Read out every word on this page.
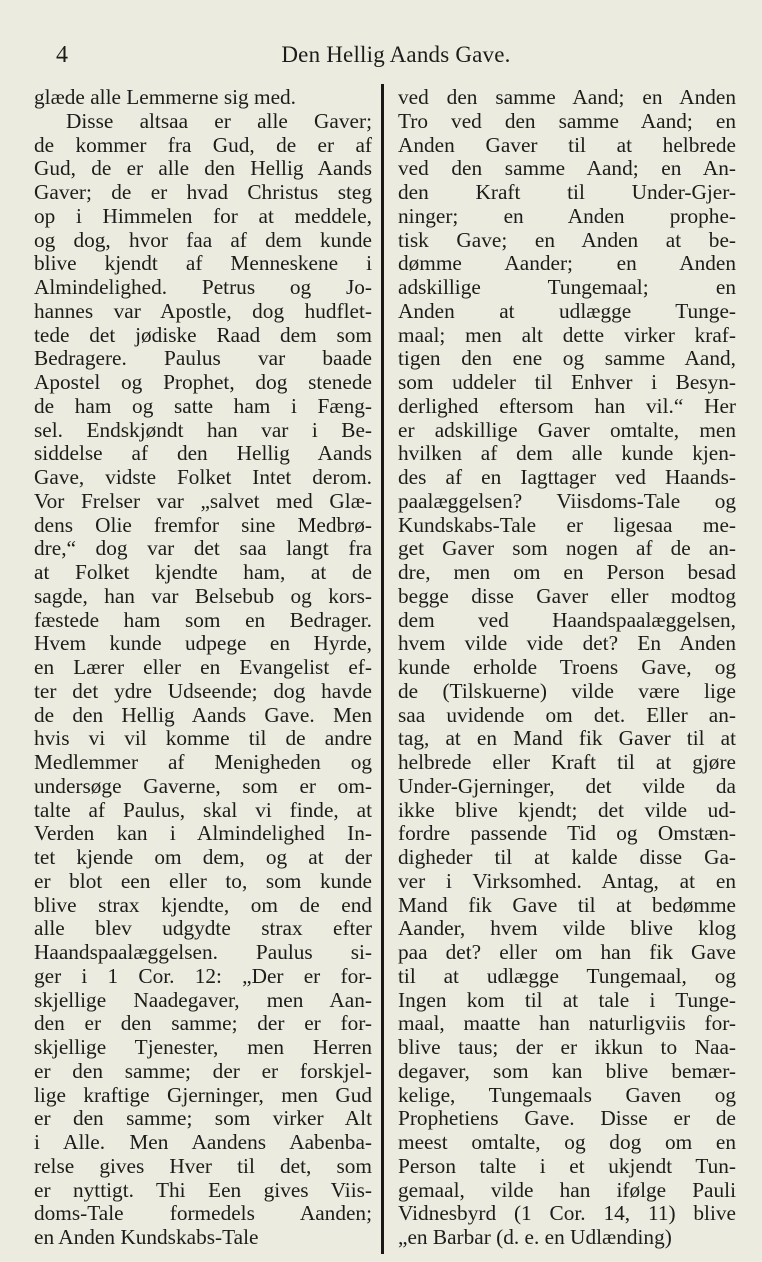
4	Den Hellig Aands Gave.
glæde alle Lemmerne sig med.
Disse altsaa er alle Gaver;
de kommer fra Gud, de er af
Gud, de er alle den Hellig Aands
Gaver; de er hvad Christus steg
op i Himmelen for at meddele,
og dog, hvor faa af dem kunde
blive kjendt af Menneskene i
Almindelighed. Petrus og Jo-
hannes var Apostle, dog hudflet-
tede det jødiske Raad dem som
Bedragere. Paulus var baade
Apostel og Prophet, dog stenede
de ham og satte ham i Fæng-
sel. Endskjøndt han var i Be-
siddelse af den Hellig Aands
Gave, vidste Folket Intet derom.
Vor Frelser var „salvet med Glæ-
dens Olie fremfor sine Medbrø-
dre,“ dog var det saa langt fra
at Folket kjendte ham, at de
sagde, han var Belsebub og kors-
fæstede ham som en Bedrager.
Hvem kunde udpege en Hyrde,
en Lærer eller en Evangelist ef-
ter det ydre Udseende; dog havde
de den Hellig Aands Gave. Men
hvis vi vil komme til de andre
Medlemmer af Menigheden og
undersøge Gaverne, som er om-
talte af Paulus, skal vi finde, at
Verden kan i Almindelighed In-
tet kjende om dem, og at der
er blot een eller to, som kunde
blive strax kjendte, om de end
alle blev udgydte strax efter
Haandspaalæggelsen. Paulus si-
ger i 1 Cor. 12: „Der er for-
skjellige Naadegaver, men Aan-
den er den samme; der er for-
skjellige Tjenester, men Herren
er den samme; der er forskjel-
lige kraftige Gjerninger, men Gud
er den samme; som virker Alt
i Alle. Men Aandens Aabenba-
relse gives Hver til det, som
er nyttigt. Thi Een gives Viis-
doms-Tale formedels Aanden;
en Anden Kundskabs-Tale
ved den samme Aand; en Anden
Tro ved den samme Aand; en
Anden Gaver til at helbrede
ved den samme Aand; en An-
den Kraft til Under-Gjer-
ninger; en Anden prophe-
tisk Gave; en Anden at be-
dømme Aander; en Anden
adskillige Tungemaal; en
Anden at udlægge Tunge-
maal; men alt dette virker kraf-
tigen den ene og samme Aand,
som uddeler til Enhver i Besyn-
derlighed eftersom han vil.“ Her
er adskillige Gaver omtalte, men
hvilken af dem alle kunde kjen-
des af en Iagttager ved Haands-
paalæggelsen? Viisdoms-Tale og
Kundskabs-Tale er ligesaa me-
get Gaver som nogen af de an-
dre, men om en Person besad
begge disse Gaver eller modtog
dem ved Haandspaalæggelsen,
hvem vilde vide det? En Anden
kunde erholde Troens Gave, og
de (Tilskuerne) vilde være lige
saa uvidende om det. Eller an-
tag, at en Mand fik Gaver til at
helbrede eller Kraft til at gjøre
Under-Gjerninger, det vilde da
ikke blive kjendt; det vilde ud-
fordre passende Tid og Omstæn-
digheder til at kalde disse Ga-
ver i Virksomhed. Antag, at en
Mand fik Gave til at bedømme
Aander, hvem vilde blive klog
paa det? eller om han fik Gave
til at udlægge Tungemaal, og
Ingen kom til at tale i Tunge-
maal, maatte han naturligviis for-
blive taus; der er ikkun to Naa-
degaver, som kan blive bemær-
kelige, Tungemaals Gaven og
Prophetiens Gave. Disse er de
meest omtalte, og dog om en
Person talte i et ukjendt Tun-
gemaal, vilde han ifølge Pauli
Vidnesbyrd (1 Cor. 14, 11) blive
„en Barbar (d. e. en Udlænding)
